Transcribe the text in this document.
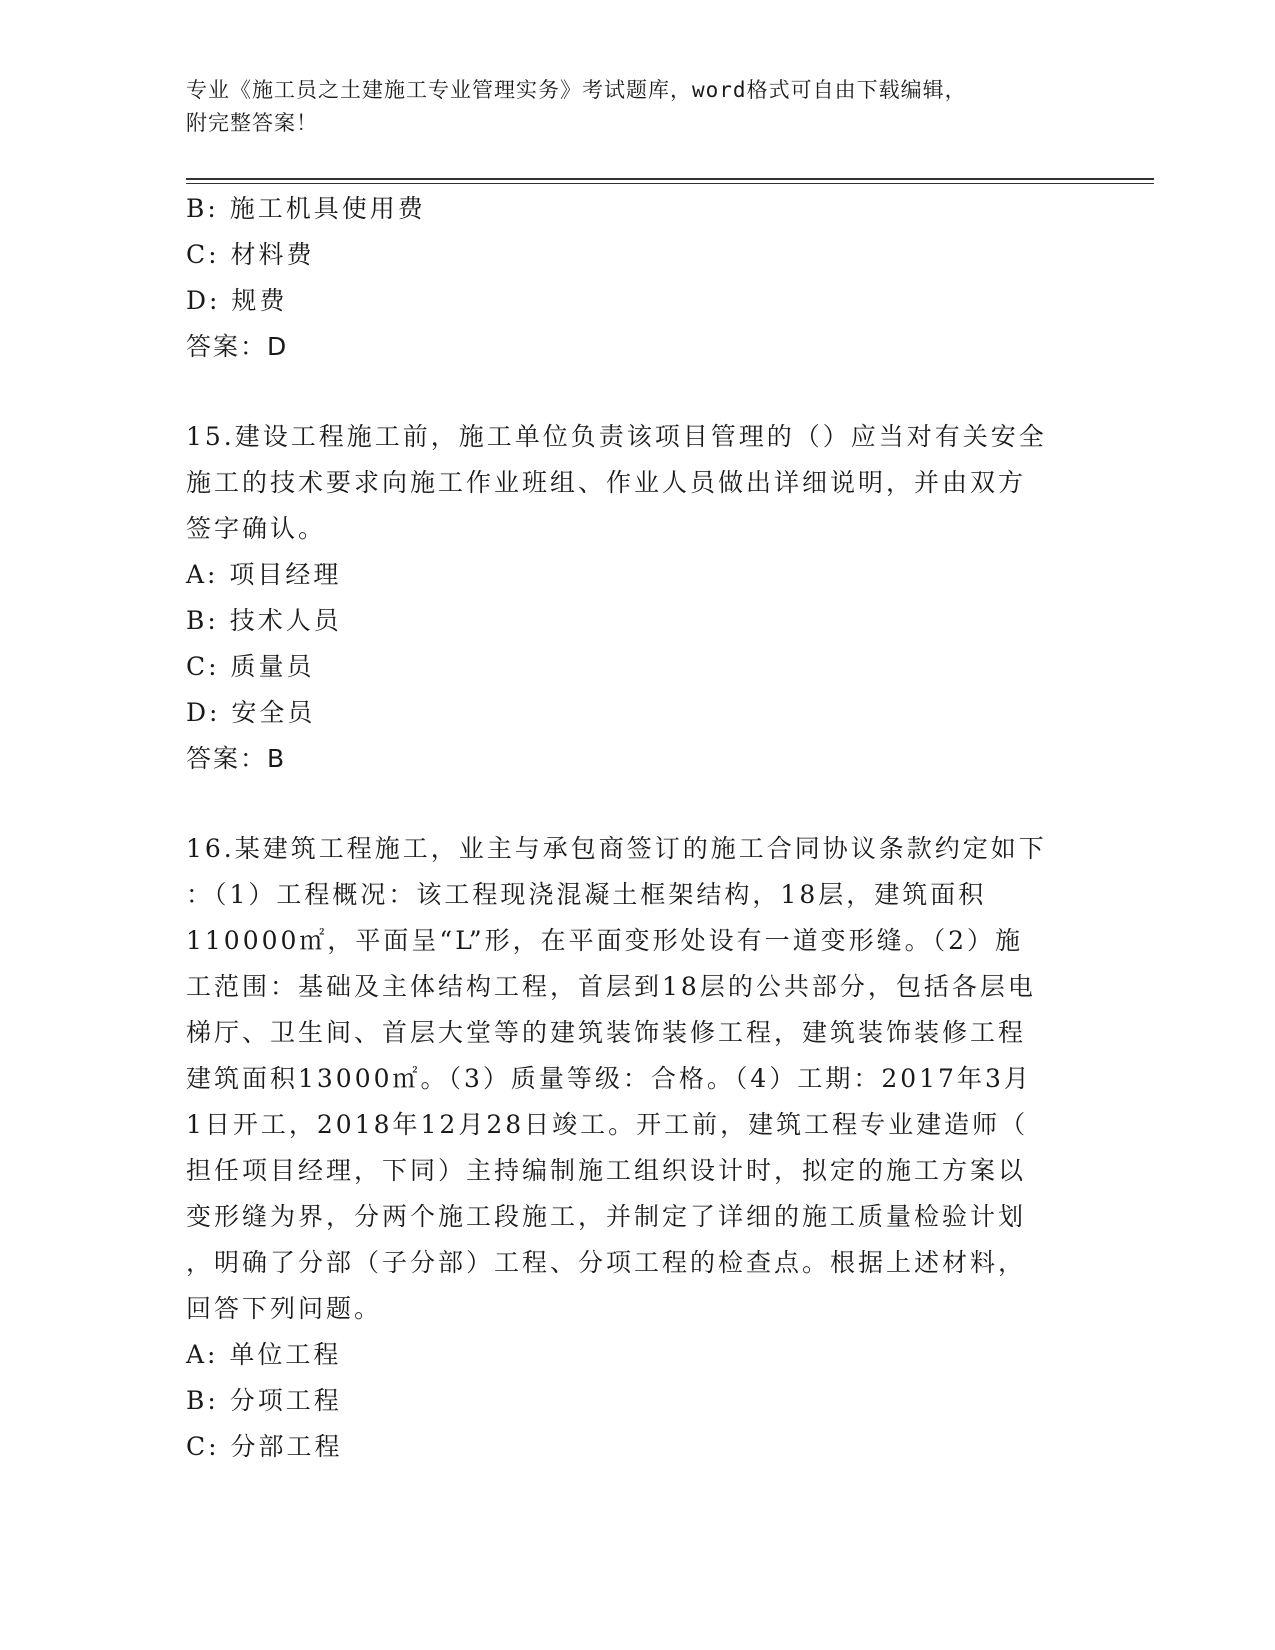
专业《施工员之土建施工专业管理实务》考试题库，word格式可自由下载编辑，
附完整答案！
B: 施工机具使用费
C: 材料费
D: 规费
答案：D
15.建设工程施工前，施工单位负责该项目管理的（）应当对有关安全
施工的技术要求向施工作业班组、作业人员做出详细说明，并由双方
签字确认。
A: 项目经理
B: 技术人员
C: 质量员
D: 安全员
答案：B
16.某建筑工程施工，业主与承包商签订的施工合同协议条款约定如下
：（1）工程概况：该工程现浇混凝土框架结构，18层，建筑面积
110000㎡，平面呈“L”形，在平面变形处设有一道变形缝。（2）施
工范围：基础及主体结构工程，首层到18层的公共部分，包括各层电
梯厅、卫生间、首层大堂等的建筑装饰装修工程，建筑装饰装修工程
建筑面积13000㎡。（3）质量等级：合格。（4）工期：2017年3月
1日开工，2018年12月28日竣工。开工前，建筑工程专业建造师（
担任项目经理，下同）主持编制施工组织设计时，拟定的施工方案以
变形缝为界，分两个施工段施工，并制定了详细的施工质量检验计划
，明确了分部（子分部）工程、分项工程的检查点。根据上述材料，
回答下列问题。
A: 单位工程
B: 分项工程
C: 分部工程
